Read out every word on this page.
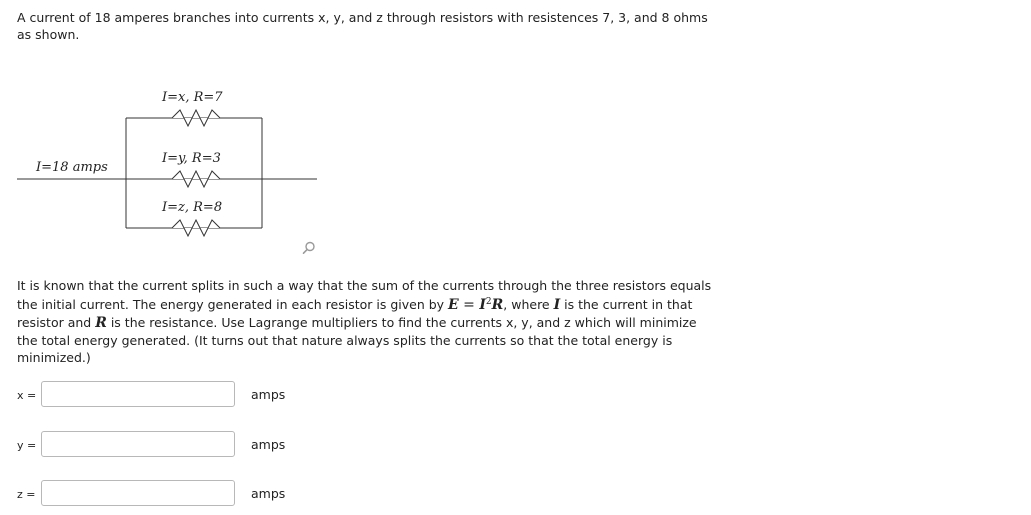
A current of 18 amperes branches into currents x, y, and z through resistors with resistences 7, 3, and 8 ohms as shown.

I=x, R=7
I=y, R=3
I=z, R=8
I=18 amps

It is known that the current splits in such a way that the sum of the currents through the three resistors equals the initial current. The energy generated in each resistor is given by $E = I^2R$, where I is the current in that resistor and R is the resistance. Use Lagrange multipliers to find the currents x, y, and z which will minimize the total energy generated. (It turns out that nature always splits the currents so that the total energy is minimized.)

x =	amps
y =	amps
z =	amps
